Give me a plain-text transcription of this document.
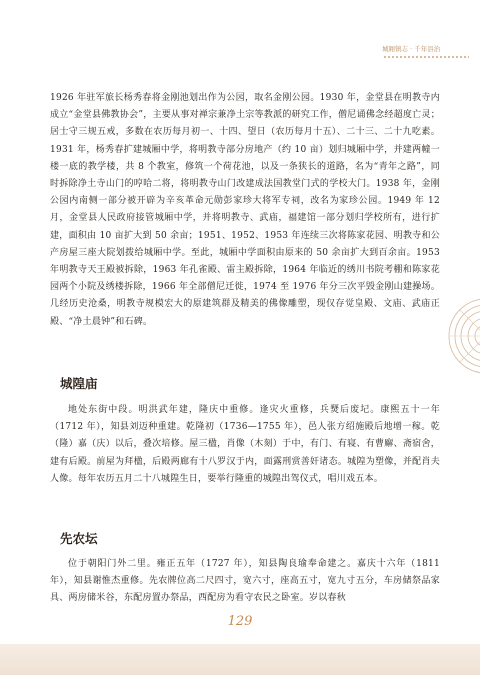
城厢镇志 · 千年县治

1926 年驻军旅长杨秀春将金刚池划出作为公园，取名金刚公园。1930 年，金堂县在明教寺内成立“金堂县佛教协会”，主要从事对禅宗兼净土宗等教派的研究工作，僧尼诵佛念经超度亡灵；居士守三规五戒，多数在农历每月初一、十四、望日（农历每月十五）、二十三、二十九吃素。1931 年，杨秀春扩建城厢中学，将明教寺部分房地产（约 10 亩）划归城厢中学，并建两幢一楼一底的教学楼，共 8 个教室，修筑一个荷花池，以及一条狭长的道路，名为“青年之路”，同时拆除净土寺山门的哼哈二将，将明教寺山门改建成法国教堂门式的学校大门。1938 年，金刚公园内南侧一部分被开辟为辛亥革命元勋彭家珍大将军专祠，改名为家珍公园。1949 年 12 月，金堂县人民政府接管城厢中学，并将明教寺、武庙，福建馆一部分划归学校所有，进行扩建，面积由 10 亩扩大到 50 余亩；1951、1952、1953 年连续三次将陈家花园、明教寺和公产房屋三座大院划拨给城厢中学。至此，城厢中学面积由原来的 50 余亩扩大到百余亩。1953 年明教寺天王殿被拆除，1963 年孔雀殿、雷主殿拆除，1964 年临近的绣川书院考棚和陈家花园两个小院及绣楼拆除，1966 年全部僧尼迁徙，1974 至 1976 年分三次平毁金刚山建操场。几经历史沧桑，明教寺规模宏大的原建筑群及精美的佛像雕塑，现仅存觉皇殿、文庙、武庙正殿、“净土晨钟”和石碑。

城隍庙

地处东街中段。明洪武年建，隆庆中重修。逢灾火重修，兵燹后废圮。康熙五十一年（1712 年），知县刘迈种重建。乾隆初（1736—1755 年），邑人张方绍施殿后地增一稼。乾（隆）嘉（庆）以后，叠次培修。屋三楹，肖像（木刻）于中，有门、有寝、有曹廨、斋宿舍，建有后殿。前屋为拜楹，后殿两廊有十八罗汉于内，面露刑赏善奸诸态。城隍为塑像，并配肖夫人像。每年农历五月二十八城隍生日，要举行隆重的城隍出驾仪式，唱川戏五本。

先农坛

位于朝阳门外二里。雍正五年（1727 年），知县陶良瑜奉命建之。嘉庆十六年（1811 年），知县谢惟杰重修。先农牌位高二尺四寸，宽六寸，座高五寸，宽九寸五分，车房储祭品家具、两房储米谷，东配房置办祭品，西配房为看守农民之卧室。岁以春秋

129
